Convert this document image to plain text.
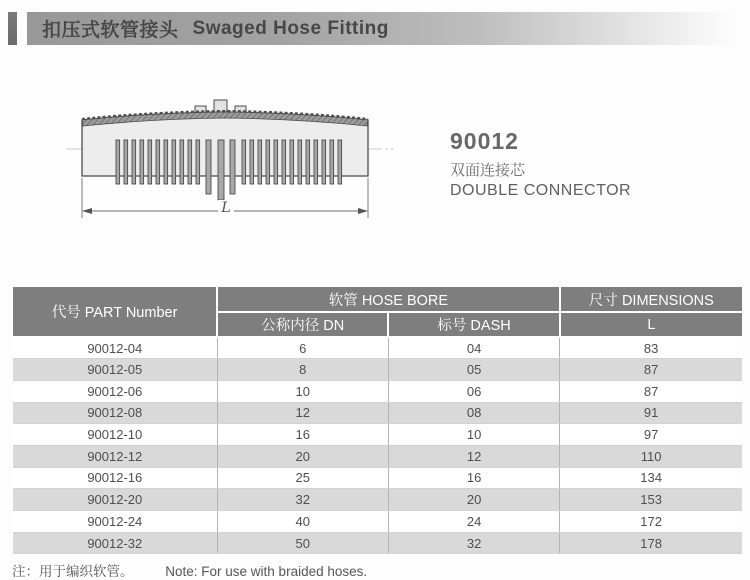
扣压式软管接头 Swaged Hose Fitting
L
90012
双面连接芯
DOUBLE CONNECTOR
代号 PART Number	软管 HOSE BORE		尺寸 DIMENSIONS
	公称内径 DN	标号 DASH	L
90012-04	6	04	83
90012-05	8	05	87
90012-06	10	06	87
90012-08	12	08	91
90012-10	16	10	97
90012-12	20	12	110
90012-16	25	16	134
90012-20	32	20	153
90012-24	40	24	172
90012-32	50	32	178
注：用于编织软管。 Note: For use with braided hoses.
